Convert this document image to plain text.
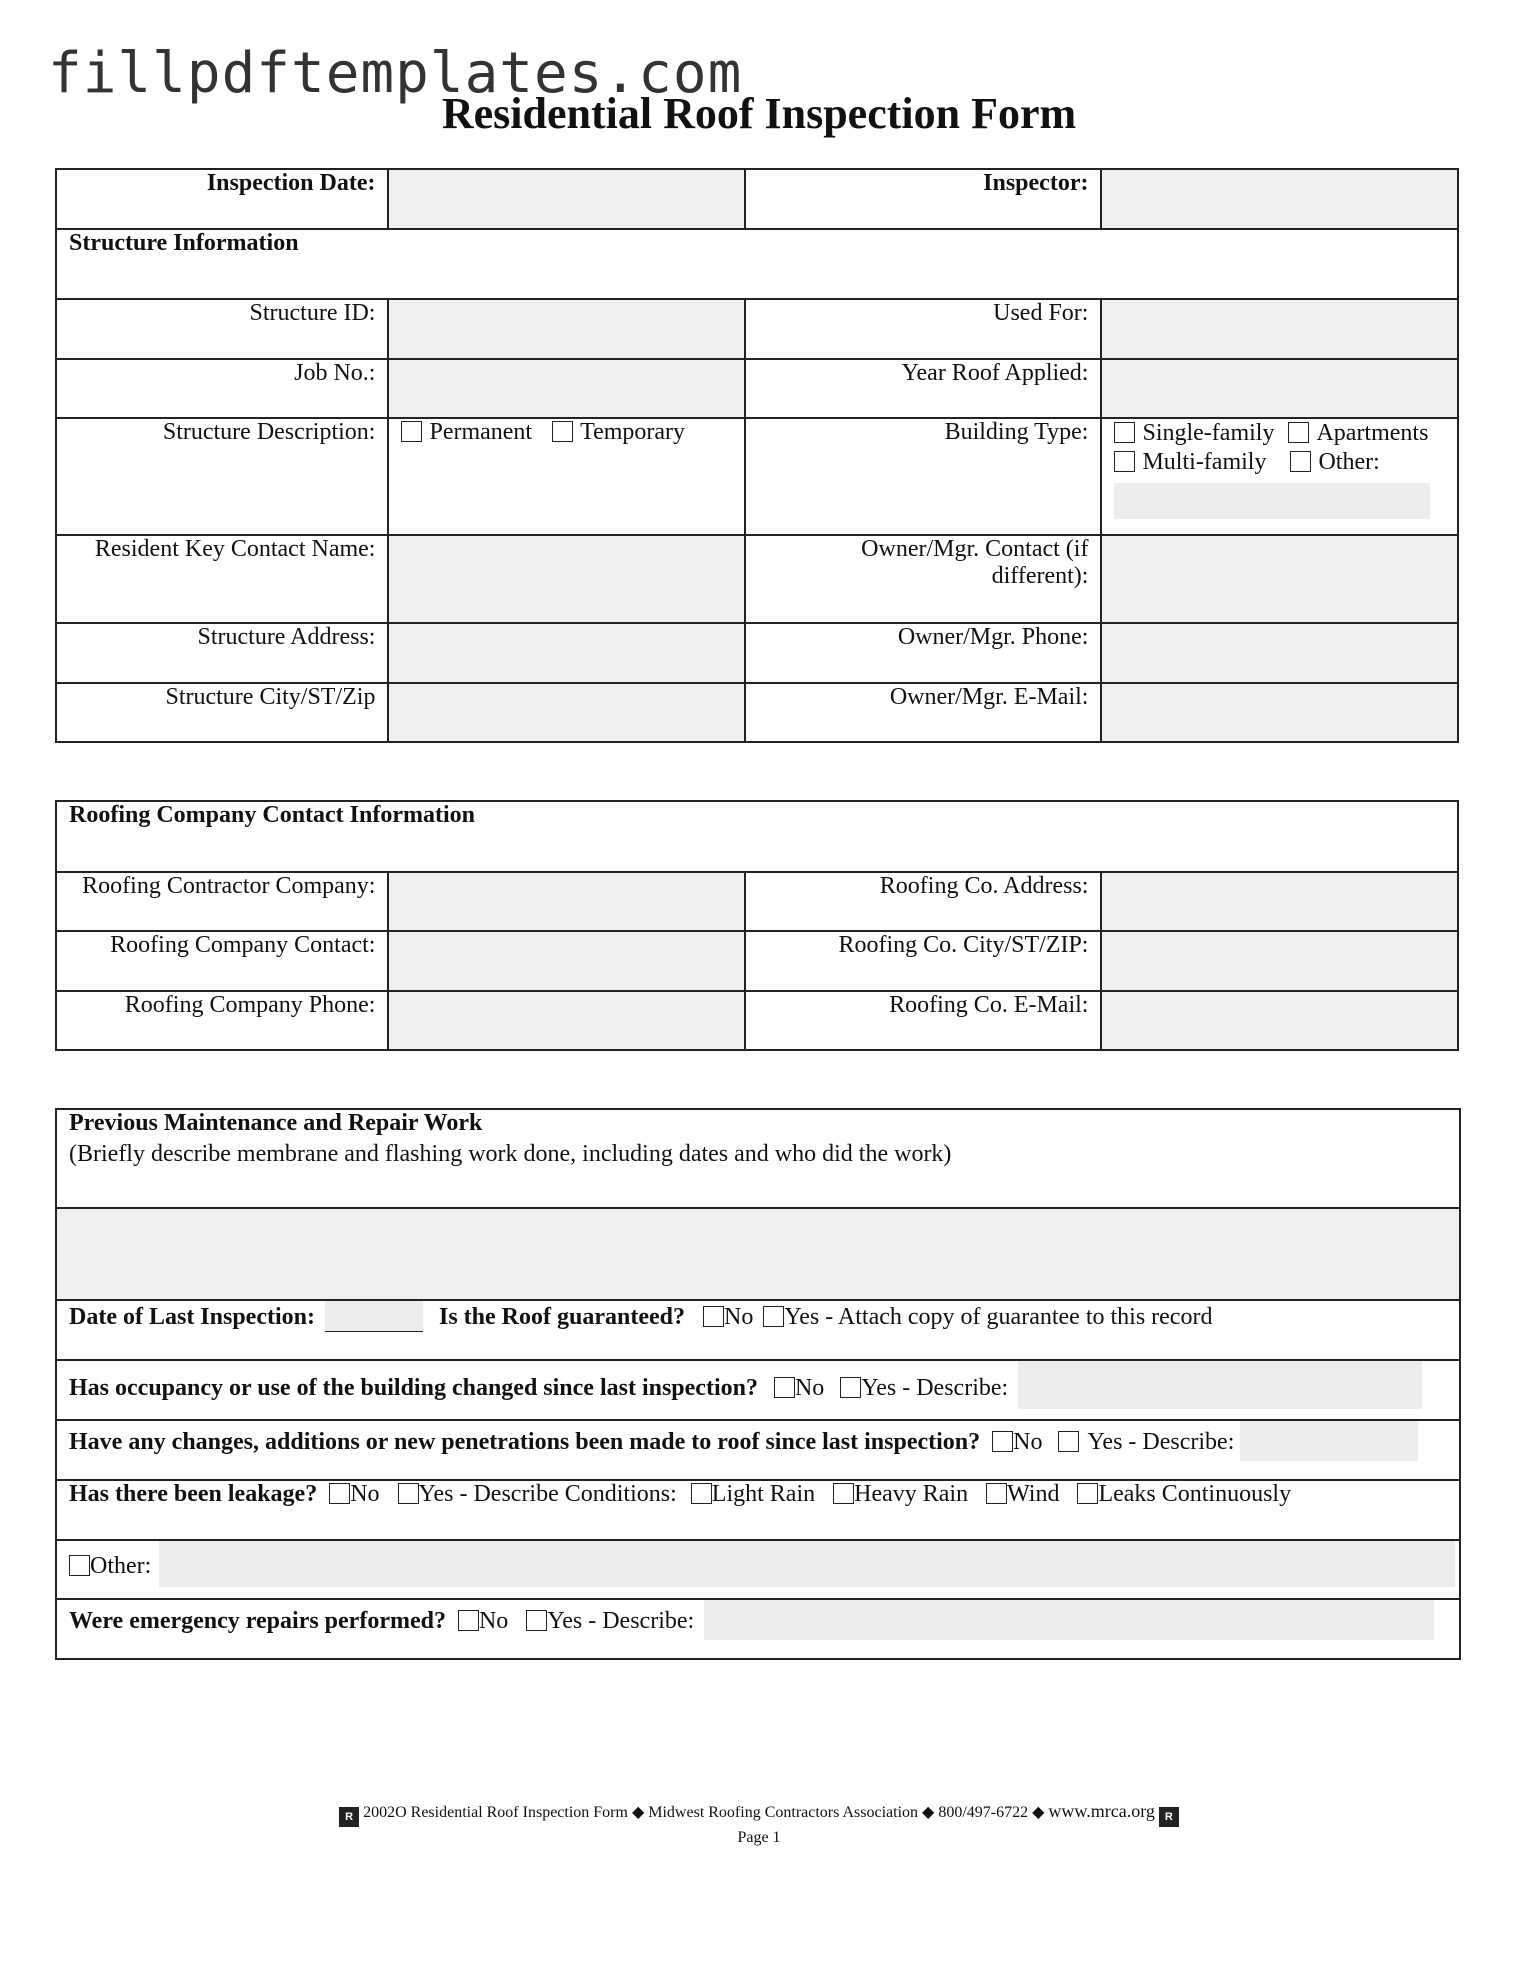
fillpdftemplates.com
Residential Roof Inspection Form
Inspection Date:		Inspector:	
Structure Information			
Structure ID:		Used For:	
Job No.:		Year Roof Applied:	
Structure Description:	Permanent Temporary	Building Type:	Single-family Apartments
Multi-family Other:

Resident Key Contact Name:		Owner/Mgr. Contact (if different):	
Structure Address:		Owner/Mgr. Phone:	
Structure City/ST/Zip		Owner/Mgr. E-Mail:	
Roofing Company Contact Information			
Roofing Contractor Company:		Roofing Co. Address:	
Roofing Company Contact:		Roofing Co. City/ST/ZIP:	
Roofing Company Phone:		Roofing Co. E-Mail:	
Previous Maintenance and Repair Work
(Briefly describe membrane and flashing work done, including dates and who did the work)

Date of Last Inspection:	Is the Roof guaranteed? No Yes - Attach copy of guarantee to this record
Has occupancy or use of the building changed since last inspection? No Yes - Describe:
Have any changes, additions or new penetrations been made to roof since last inspection? No Yes - Describe:
Has there been leakage? No Yes - Describe Conditions: Light Rain Heavy Rain Wind Leaks Continuously
Other:
Were emergency repairs performed? No Yes - Describe:
R 2002O Residential Roof Inspection Form ◆ Midwest Roofing Contractors Association ◆ 800/497-6722 ◆ www.mrca.org R
Page 1
